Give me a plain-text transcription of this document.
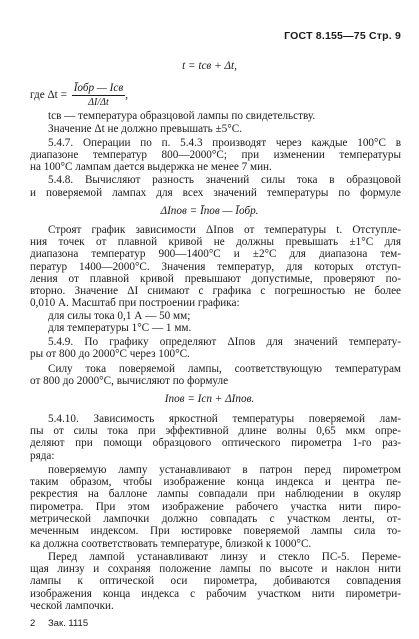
ГОСТ 8.155—75 Стр. 9
t = tсв + Δt,
где $\Delta t = \frac{\text{Īобр — Iсв}}{\Delta I/\Delta t}$ ,
tсв — температура образцовой лампы по свидетельству.
Значение Δt не должно превышать ±5°С.
5.4.7. Операции по п. 5.4.3 производят через каждые 100°С в
диапазоне температур 800—2000°С; при изменении температуры
на 100°С лампам дается выдержка не менее 7 мин.
5.4.8. Вычисляют разность значений силы тока в образцовой
и поверяемой лампах для всех значений температуры по формуле
ΔIпов = Īпов — Īобр.
Строят график зависимости ΔIпов от температуры t. Отступле-
ния точек от плавной кривой не должны превышать ±1°С для
диапазона температур 900—1400°С и ±2°С для диапазона тем-
ператур 1400—2000°С. Значения температур, для которых отступ-
ления от плавной кривой превышают допустимые, проверяют по-
вторно. Значение ΔI снимают с графика с погрешностью не более
0,010 А. Масштаб при построении графика:
для силы тока 0,1 А — 50 мм;
для температуры 1°С — 1 мм.
5.4.9. По графику определяют ΔIпов для значений температу-
ры от 800 до 2000°С через 100°С.
Силу тока поверяемой лампы, соответствующую температурам
от 800 до 2000°С, вычисляют по формуле
Iпов = Iсп + ΔIпов.
5.4.10. Зависимость яркостной температуры поверяемой лам-
пы от силы тока при эффективной длине волны 0,65 мкм опре-
деляют при помощи образцового оптического пирометра 1-го раз-
ряда:
поверяемую лампу устанавливают в патрон перед пирометром
таким образом, чтобы изображение конца индекса и центра пе-
рекрестия на баллоне лампы совпадали при наблюдении в окуляр
пирометра. При этом изображение рабочего участка нити пиро-
метрической лампочки должно совпадать с участком ленты, от-
меченным индексом. При юстировке поверяемой лампы сила то-
ка должна соответствовать температуре, близкой к 1000°С.
Перед лампой устанавливают линзу и стекло ПС-5. Переме-
щая линзу и сохраняя положение лампы по высоте и наклон нити
лампы к оптической оси пирометра, добиваются совпадения
изображения конца индекса с рабочим участком нити пирометри-
ческой лампочки.
2 Зак. 1115
